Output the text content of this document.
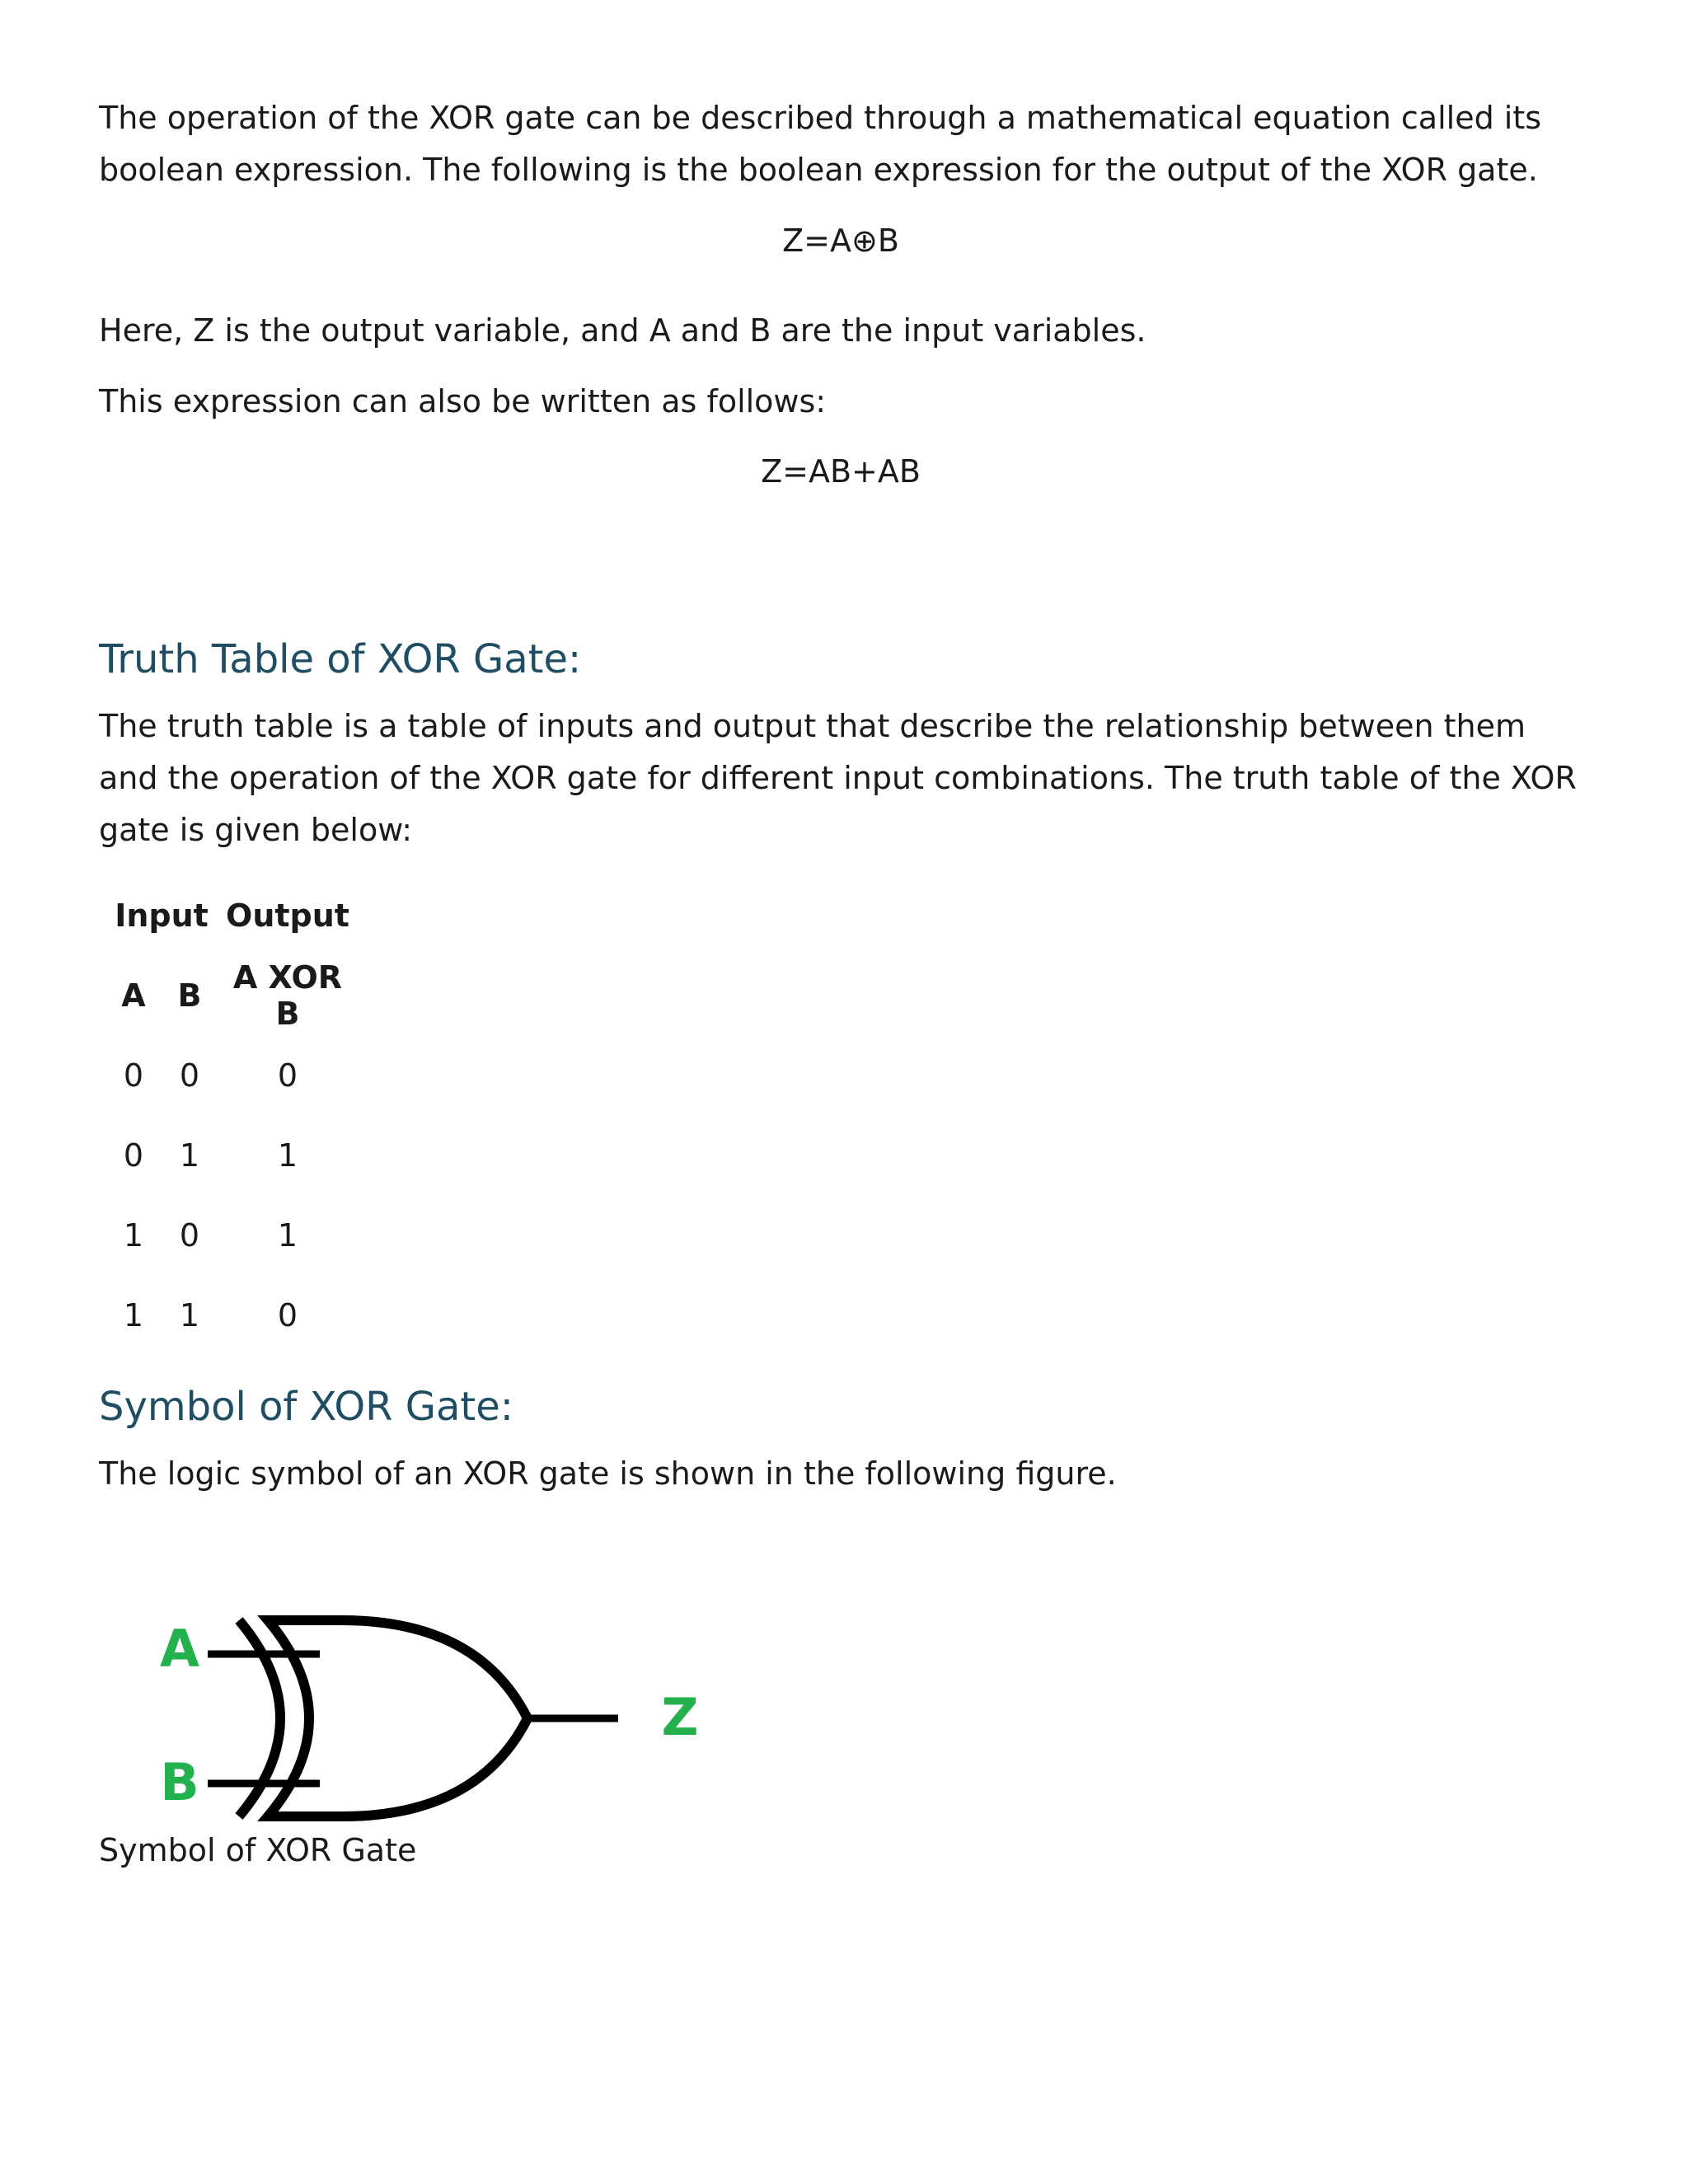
The operation of the XOR gate can be described through a mathematical equation called its boolean expression. The following is the boolean expression for the output of the XOR gate.

Z=A⊕B

Here, Z is the output variable, and A and B are the input variables.

This expression can also be written as follows:

Z=AB+AB

Truth Table of XOR Gate:

The truth table is a table of inputs and output that describe the relationship between them and the operation of the XOR gate for different input combinations. The truth table of the XOR gate is given below:

Input		Output
A	B	A XOR B
0	0	0
0	1	1
1	0	1
1	1	0
Symbol of XOR Gate:

The logic symbol of an XOR gate is shown in the following figure.

A
B
Z

Symbol of XOR Gate
